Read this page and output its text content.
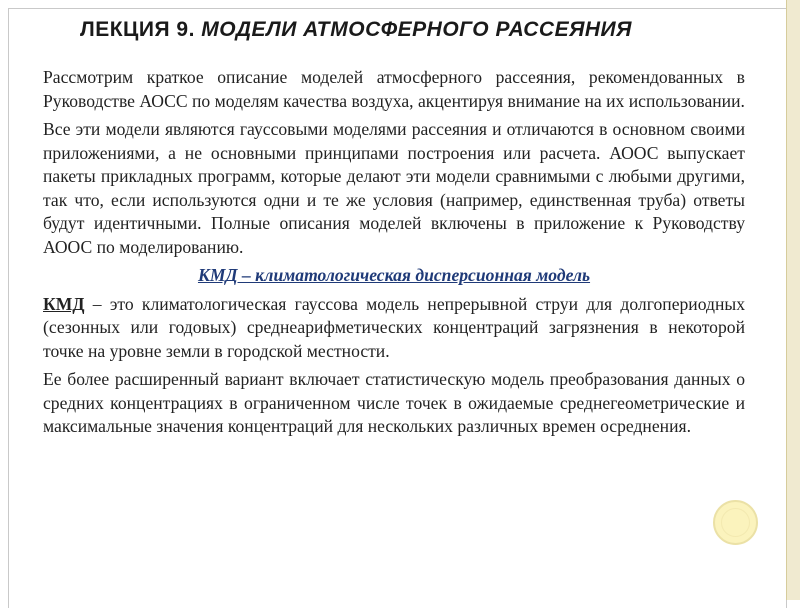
ЛЕКЦИЯ 9. МОДЕЛИ АТМОСФЕРНОГО РАССЕЯНИЯ

Рассмотрим краткое описание моделей атмосферного рассеяния, рекомендованных в Руководстве АОСС по моделям качества воздуха, акцентируя внимание на их использовании.

Все эти модели являются гауссовыми моделями рассеяния и отличаются в основном своими приложениями, а не основными принципами построения или расчета. АООС выпускает пакеты прикладных программ, которые делают эти модели сравнимыми с любыми другими, так что, если используются одни и те же условия (например, единственная труба) ответы будут идентичными. Полные описания моделей включены в приложение к Руководству АООС по моделированию.

КМД – климатологическая дисперсионная модель

КМД – это климатологическая гауссова модель непрерывной струи для долгопериодных (сезонных или годовых) среднеарифметических концентраций загрязнения в некоторой точке на уровне земли в городской местности.

Ее более расширенный вариант включает статистическую модель преобразования данных о средних концентрациях в ограниченном числе точек в ожидаемые среднегеометрические и максимальные значения концентраций для нескольких различных времен осреднения.
